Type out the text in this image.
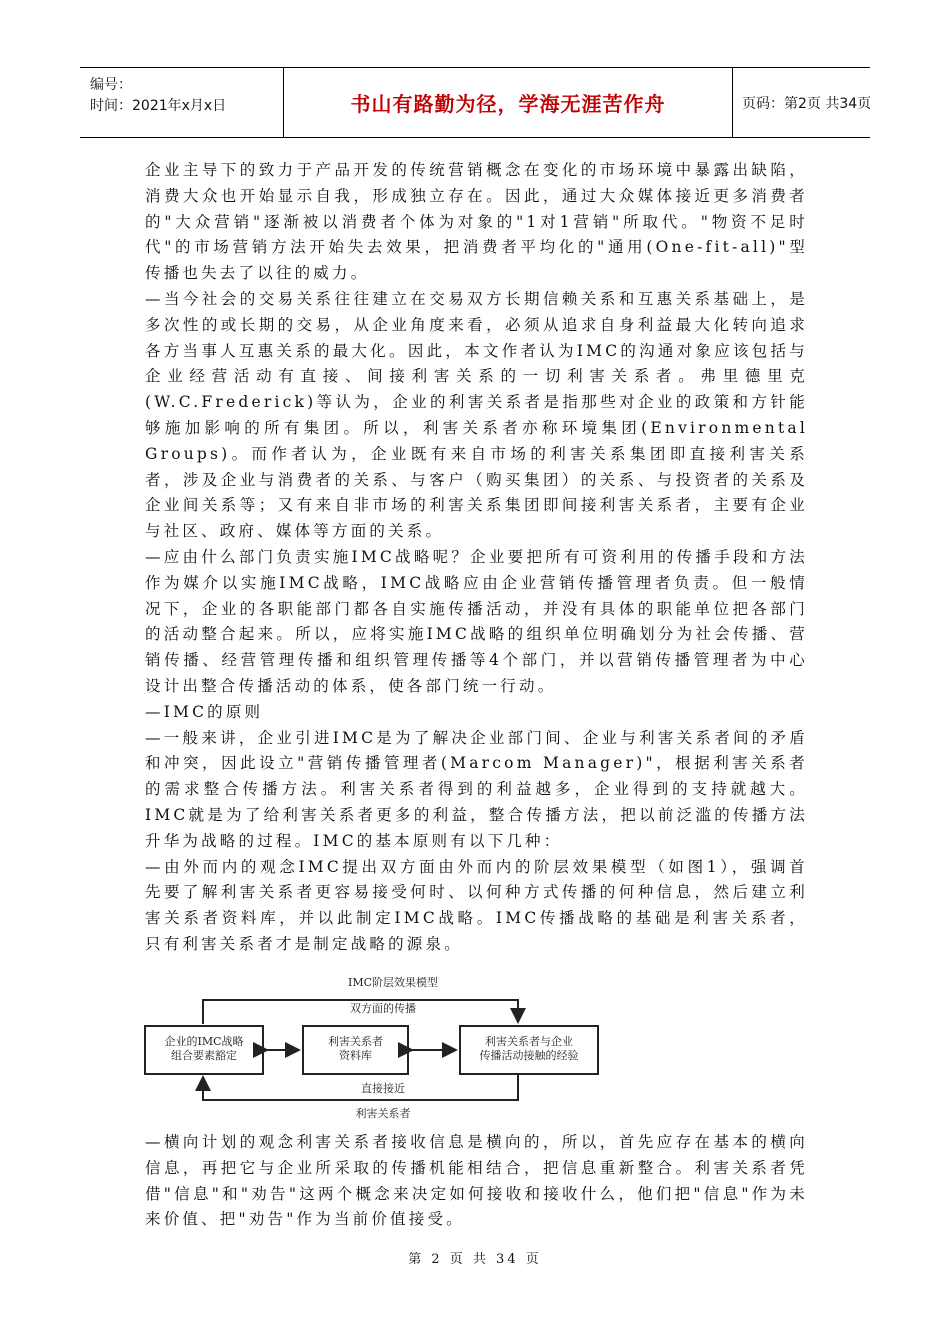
编号：
时间：2021年x月x日	书山有路勤为径，学海无涯苦作舟	页码：第2页 共34页

企业主导下的致力于产品开发的传统营销概念在变化的市场环境中暴露出缺陷，消费大众也开始显示自我，形成独立存在。因此，通过大众媒体接近更多消费者的"大众营销"逐渐被以消费者个体为对象的"1对1营销"所取代。"物资不足时代"的市场营销方法开始失去效果，把消费者平均化的"通用(One-fit-all)"型传播也失去了以往的威力。

—当今社会的交易关系往往建立在交易双方长期信赖关系和互惠关系基础上，是多次性的或长期的交易，从企业角度来看，必须从追求自身利益最大化转向追求各方当事人互惠关系的最大化。因此，本文作者认为IMC的沟通对象应该包括与企业经营活动有直接、间接利害关系的一切利害关系者。弗里德里克(W.C.Frederick)等认为，企业的利害关系者是指那些对企业的政策和方针能够施加影响的所有集团。所以，利害关系者亦称环境集团(Environmental Groups)。而作者认为，企业既有来自市场的利害关系集团即直接利害关系者，涉及企业与消费者的关系、与客户（购买集团）的关系、与投资者的关系及企业间关系等；又有来自非市场的利害关系集团即间接利害关系者，主要有企业与社区、政府、媒体等方面的关系。

—应由什么部门负责实施IMC战略呢？企业要把所有可资利用的传播手段和方法作为媒介以实施IMC战略，IMC战略应由企业营销传播管理者负责。但一般情况下，企业的各职能部门都各自实施传播活动，并没有具体的职能单位把各部门的活动整合起来。所以，应将实施IMC战略的组织单位明确划分为社会传播、营销传播、经营管理传播和组织管理传播等4个部门，并以营销传播管理者为中心设计出整合传播活动的体系，使各部门统一行动。

—IMC的原则

—一般来讲，企业引进IMC是为了解决企业部门间、企业与利害关系者间的矛盾和冲突，因此设立"营销传播管理者(Marcom Manager)"，根据利害关系者的需求整合传播方法。利害关系者得到的利益越多，企业得到的支持就越大。IMC就是为了给利害关系者更多的利益，整合传播方法，把以前泛滥的传播方法升华为战略的过程。IMC的基本原则有以下几种：

—由外而内的观念IMC提出双方面由外而内的阶层效果模型（如图1），强调首先要了解利害关系者更容易接受何时、以何种方式传播的何种信息，然后建立利害关系者资料库，并以此制定IMC战略。IMC传播战略的基础是利害关系者，只有利害关系者才是制定战略的源泉。

IMC阶层效果模型
双方面的传播
企业的IMC战略
组合要素豁定
利害关系者
资料库
利害关系者与企业
传播活动接触的经验
直接接近
利害关系者

—横向计划的观念利害关系者接收信息是横向的，所以，首先应存在基本的横向信息，再把它与企业所采取的传播机能相结合，把信息重新整合。利害关系者凭借"信息"和"劝告"这两个概念来决定如何接收和接收什么，他们把"信息"作为未来价值、把"劝告"作为当前价值接受。

第 2 页 共 34 页
